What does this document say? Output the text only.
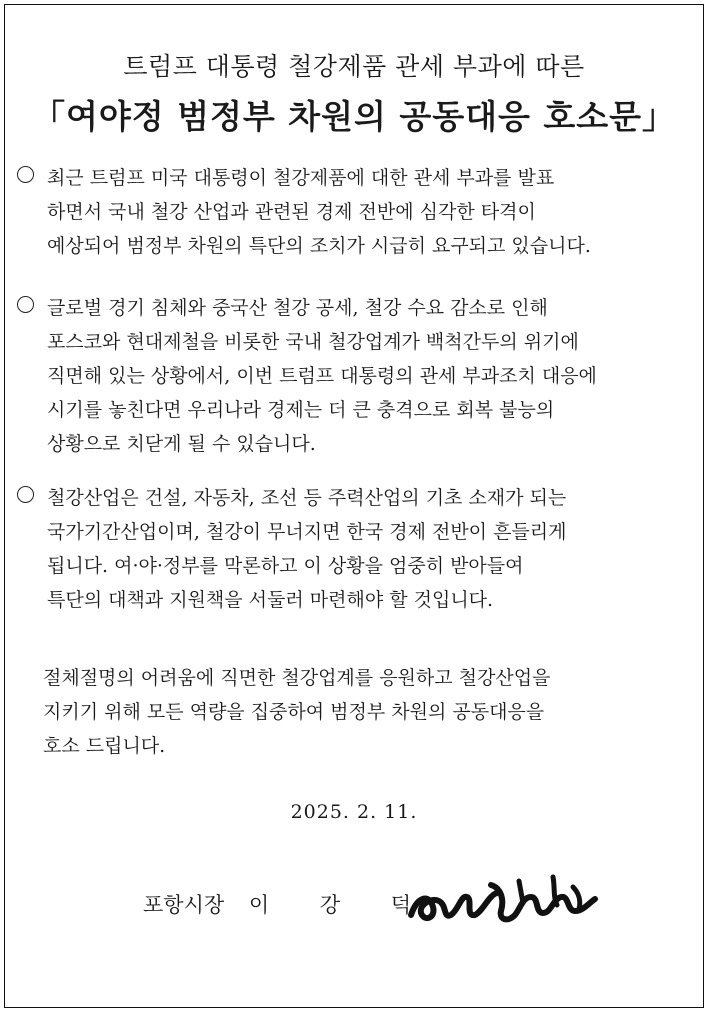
트럼프 대통령 철강제품 관세 부과에 따른
「여야정 범정부 차원의 공동대응 호소문」
최근 트럼프 미국 대통령이 철강제품에 대한 관세 부과를 발표
하면서 국내 철강 산업과 관련된 경제 전반에 심각한 타격이
예상되어 범정부 차원의 특단의 조치가 시급히 요구되고 있습니다.
글로벌 경기 침체와 중국산 철강 공세, 철강 수요 감소로 인해
포스코와 현대제철을 비롯한 국내 철강업계가 백척간두의 위기에
직면해 있는 상황에서, 이번 트럼프 대통령의 관세 부과조치 대응에
시기를 놓친다면 우리나라 경제는 더 큰 충격으로 회복 불능의
상황으로 치닫게 될 수 있습니다.
철강산업은 건설, 자동차, 조선 등 주력산업의 기초 소재가 되는
국가기간산업이며, 철강이 무너지면 한국 경제 전반이 흔들리게
됩니다. 여·야·정부를 막론하고 이 상황을 엄중히 받아들여
특단의 대책과 지원책을 서둘러 마련해야 할 것입니다.
절체절명의 어려움에 직면한 철강업계를 응원하고 철강산업을
지키기 위해 모든 역량을 집중하여 범정부 차원의 공동대응을
호소 드립니다.
2025. 2. 11.
포항시장 이 강 덕
